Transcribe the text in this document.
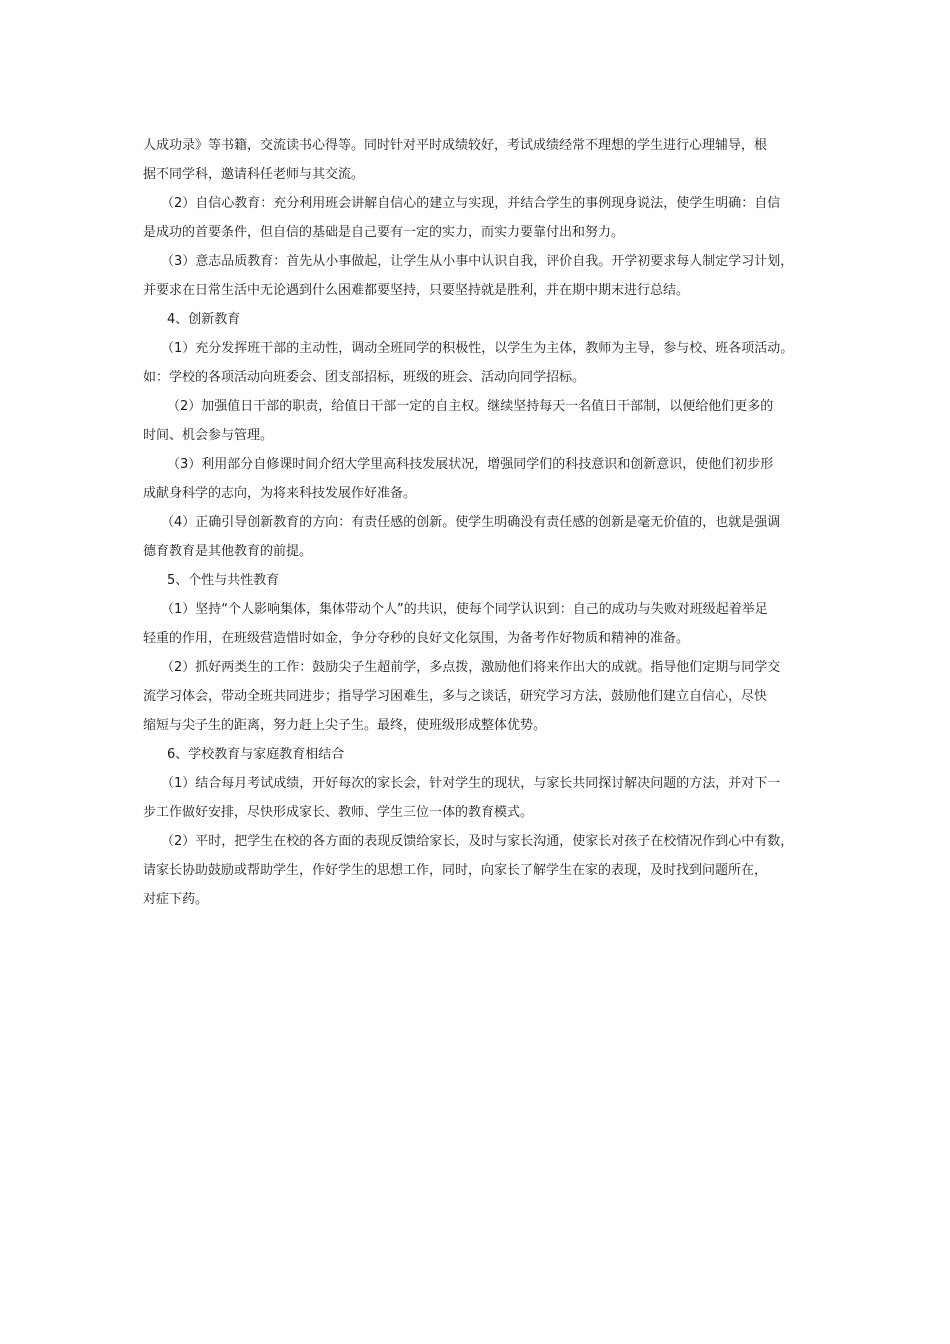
人成功录》等书籍，交流读书心得等。同时针对平时成绩较好，考试成绩经常不理想的学生进行心理辅导，根
据不同学科，邀请科任老师与其交流。
（2）自信心教育：充分利用班会讲解自信心的建立与实现，并结合学生的事例现身说法，使学生明确：自信
是成功的首要条件，但自信的基础是自己要有一定的实力，而实力要靠付出和努力。
（3）意志品质教育：首先从小事做起，让学生从小事中认识自我，评价自我。开学初要求每人制定学习计划，
并要求在日常生活中无论遇到什么困难都要坚持，只要坚持就是胜利，并在期中期末进行总结。
4、创新教育
（1）充分发挥班干部的主动性，调动全班同学的积极性，以学生为主体，教师为主导，参与校、班各项活动。
如：学校的各项活动向班委会、团支部招标，班级的班会、活动向同学招标。
（2）加强值日干部的职责，给值日干部一定的自主权。继续坚持每天一名值日干部制，以便给他们更多的
时间、机会参与管理。
（3）利用部分自修课时间介绍大学里高科技发展状况，增强同学们的科技意识和创新意识，使他们初步形
成献身科学的志向，为将来科技发展作好准备。
（4）正确引导创新教育的方向：有责任感的创新。使学生明确没有责任感的创新是毫无价值的，也就是强调
德育教育是其他教育的前提。
5、个性与共性教育
（1）坚持“个人影响集体，集体带动个人”的共识，使每个同学认识到：自己的成功与失败对班级起着举足
轻重的作用，在班级营造惜时如金，争分夺秒的良好文化氛围，为备考作好物质和精神的准备。
（2）抓好两类生的工作：鼓励尖子生超前学，多点拨，激励他们将来作出大的成就。指导他们定期与同学交
流学习体会，带动全班共同进步；指导学习困难生，多与之谈话，研究学习方法，鼓励他们建立自信心，尽快
缩短与尖子生的距离，努力赶上尖子生。最终，使班级形成整体优势。
6、学校教育与家庭教育相结合
（1）结合每月考试成绩，开好每次的家长会，针对学生的现状，与家长共同探讨解决问题的方法，并对下一
步工作做好安排，尽快形成家长、教师、学生三位一体的教育模式。
（2）平时，把学生在校的各方面的表现反馈给家长，及时与家长沟通，使家长对孩子在校情况作到心中有数，
请家长协助鼓励或帮助学生，作好学生的思想工作，同时，向家长了解学生在家的表现，及时找到问题所在，
对症下药。
